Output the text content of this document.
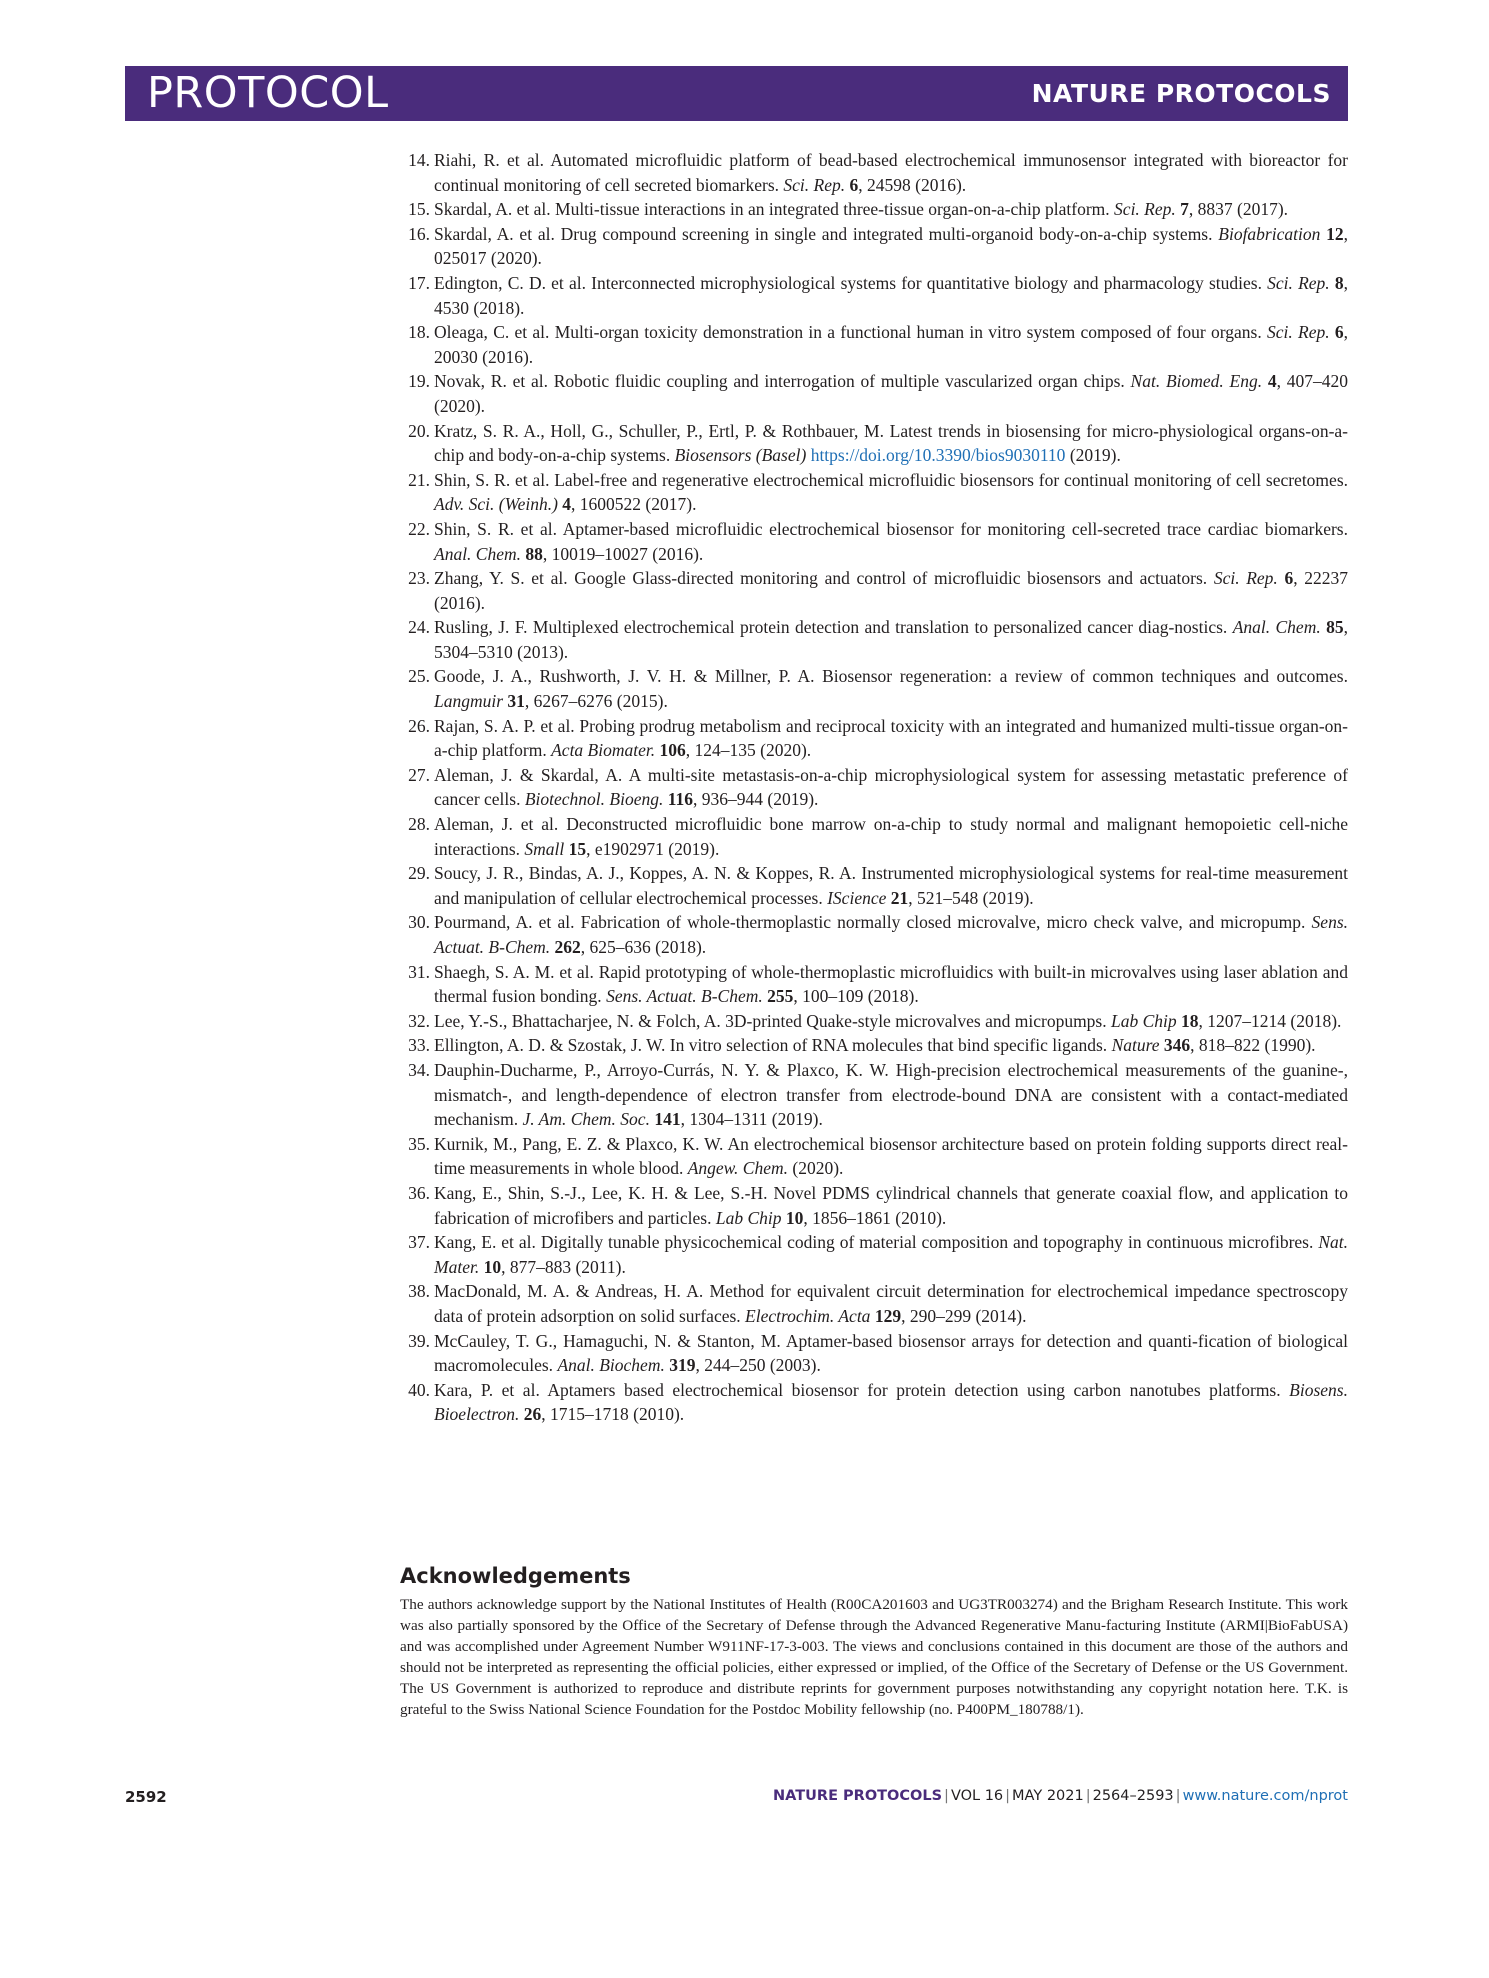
PROTOCOL	NATURE PROTOCOLS
14. Riahi, R. et al. Automated microfluidic platform of bead-based electrochemical immunosensor integrated with bioreactor for continual monitoring of cell secreted biomarkers. Sci. Rep. 6, 24598 (2016).
15. Skardal, A. et al. Multi-tissue interactions in an integrated three-tissue organ-on-a-chip platform. Sci. Rep. 7, 8837 (2017).
16. Skardal, A. et al. Drug compound screening in single and integrated multi-organoid body-on-a-chip systems. Biofabrication 12, 025017 (2020).
17. Edington, C. D. et al. Interconnected microphysiological systems for quantitative biology and pharmacology studies. Sci. Rep. 8, 4530 (2018).
18. Oleaga, C. et al. Multi-organ toxicity demonstration in a functional human in vitro system composed of four organs. Sci. Rep. 6, 20030 (2016).
19. Novak, R. et al. Robotic fluidic coupling and interrogation of multiple vascularized organ chips. Nat. Biomed. Eng. 4, 407–420 (2020).
20. Kratz, S. R. A., Holl, G., Schuller, P., Ertl, P. & Rothbauer, M. Latest trends in biosensing for micro-physiological organs-on-a-chip and body-on-a-chip systems. Biosensors (Basel) https://doi.org/10.3390/bios9030110 (2019).
21. Shin, S. R. et al. Label-free and regenerative electrochemical microfluidic biosensors for continual monitoring of cell secretomes. Adv. Sci. (Weinh.) 4, 1600522 (2017).
22. Shin, S. R. et al. Aptamer-based microfluidic electrochemical biosensor for monitoring cell-secreted trace cardiac biomarkers. Anal. Chem. 88, 10019–10027 (2016).
23. Zhang, Y. S. et al. Google Glass-directed monitoring and control of microfluidic biosensors and actuators. Sci. Rep. 6, 22237 (2016).
24. Rusling, J. F. Multiplexed electrochemical protein detection and translation to personalized cancer diag-nostics. Anal. Chem. 85, 5304–5310 (2013).
25. Goode, J. A., Rushworth, J. V. H. & Millner, P. A. Biosensor regeneration: a review of common techniques and outcomes. Langmuir 31, 6267–6276 (2015).
26. Rajan, S. A. P. et al. Probing prodrug metabolism and reciprocal toxicity with an integrated and humanized multi-tissue organ-on-a-chip platform. Acta Biomater. 106, 124–135 (2020).
27. Aleman, J. & Skardal, A. A multi-site metastasis-on-a-chip microphysiological system for assessing metastatic preference of cancer cells. Biotechnol. Bioeng. 116, 936–944 (2019).
28. Aleman, J. et al. Deconstructed microfluidic bone marrow on-a-chip to study normal and malignant hemopoietic cell-niche interactions. Small 15, e1902971 (2019).
29. Soucy, J. R., Bindas, A. J., Koppes, A. N. & Koppes, R. A. Instrumented microphysiological systems for real-time measurement and manipulation of cellular electrochemical processes. IScience 21, 521–548 (2019).
30. Pourmand, A. et al. Fabrication of whole-thermoplastic normally closed microvalve, micro check valve, and micropump. Sens. Actuat. B-Chem. 262, 625–636 (2018).
31. Shaegh, S. A. M. et al. Rapid prototyping of whole-thermoplastic microfluidics with built-in microvalves using laser ablation and thermal fusion bonding. Sens. Actuat. B-Chem. 255, 100–109 (2018).
32. Lee, Y.-S., Bhattacharjee, N. & Folch, A. 3D-printed Quake-style microvalves and micropumps. Lab Chip 18, 1207–1214 (2018).
33. Ellington, A. D. & Szostak, J. W. In vitro selection of RNA molecules that bind specific ligands. Nature 346, 818–822 (1990).
34. Dauphin-Ducharme, P., Arroyo-Currás, N. Y. & Plaxco, K. W. High-precision electrochemical measurements of the guanine-, mismatch-, and length-dependence of electron transfer from electrode-bound DNA are consistent with a contact-mediated mechanism. J. Am. Chem. Soc. 141, 1304–1311 (2019).
35. Kurnik, M., Pang, E. Z. & Plaxco, K. W. An electrochemical biosensor architecture based on protein folding supports direct real-time measurements in whole blood. Angew. Chem. (2020).
36. Kang, E., Shin, S.-J., Lee, K. H. & Lee, S.-H. Novel PDMS cylindrical channels that generate coaxial flow, and application to fabrication of microfibers and particles. Lab Chip 10, 1856–1861 (2010).
37. Kang, E. et al. Digitally tunable physicochemical coding of material composition and topography in continuous microfibres. Nat. Mater. 10, 877–883 (2011).
38. MacDonald, M. A. & Andreas, H. A. Method for equivalent circuit determination for electrochemical impedance spectroscopy data of protein adsorption on solid surfaces. Electrochim. Acta 129, 290–299 (2014).
39. McCauley, T. G., Hamaguchi, N. & Stanton, M. Aptamer-based biosensor arrays for detection and quanti-fication of biological macromolecules. Anal. Biochem. 319, 244–250 (2003).
40. Kara, P. et al. Aptamers based electrochemical biosensor for protein detection using carbon nanotubes platforms. Biosens. Bioelectron. 26, 1715–1718 (2010).
Acknowledgements

The authors acknowledge support by the National Institutes of Health (R00CA201603 and UG3TR003274) and the Brigham Research Institute. This work was also partially sponsored by the Office of the Secretary of Defense through the Advanced Regenerative Manu-facturing Institute (ARMI|BioFabUSA) and was accomplished under Agreement Number W911NF-17-3-003. The views and conclusions contained in this document are those of the authors and should not be interpreted as representing the official policies, either expressed or implied, of the Office of the Secretary of Defense or the US Government. The US Government is authorized to reproduce and distribute reprints for government purposes notwithstanding any copyright notation here. T.K. is grateful to the Swiss National Science Foundation for the Postdoc Mobility fellowship (no. P400PM_180788/1).

2592	NATURE PROTOCOLS | VOL 16 | MAY 2021 | 2564–2593 | www.nature.com/nprot
